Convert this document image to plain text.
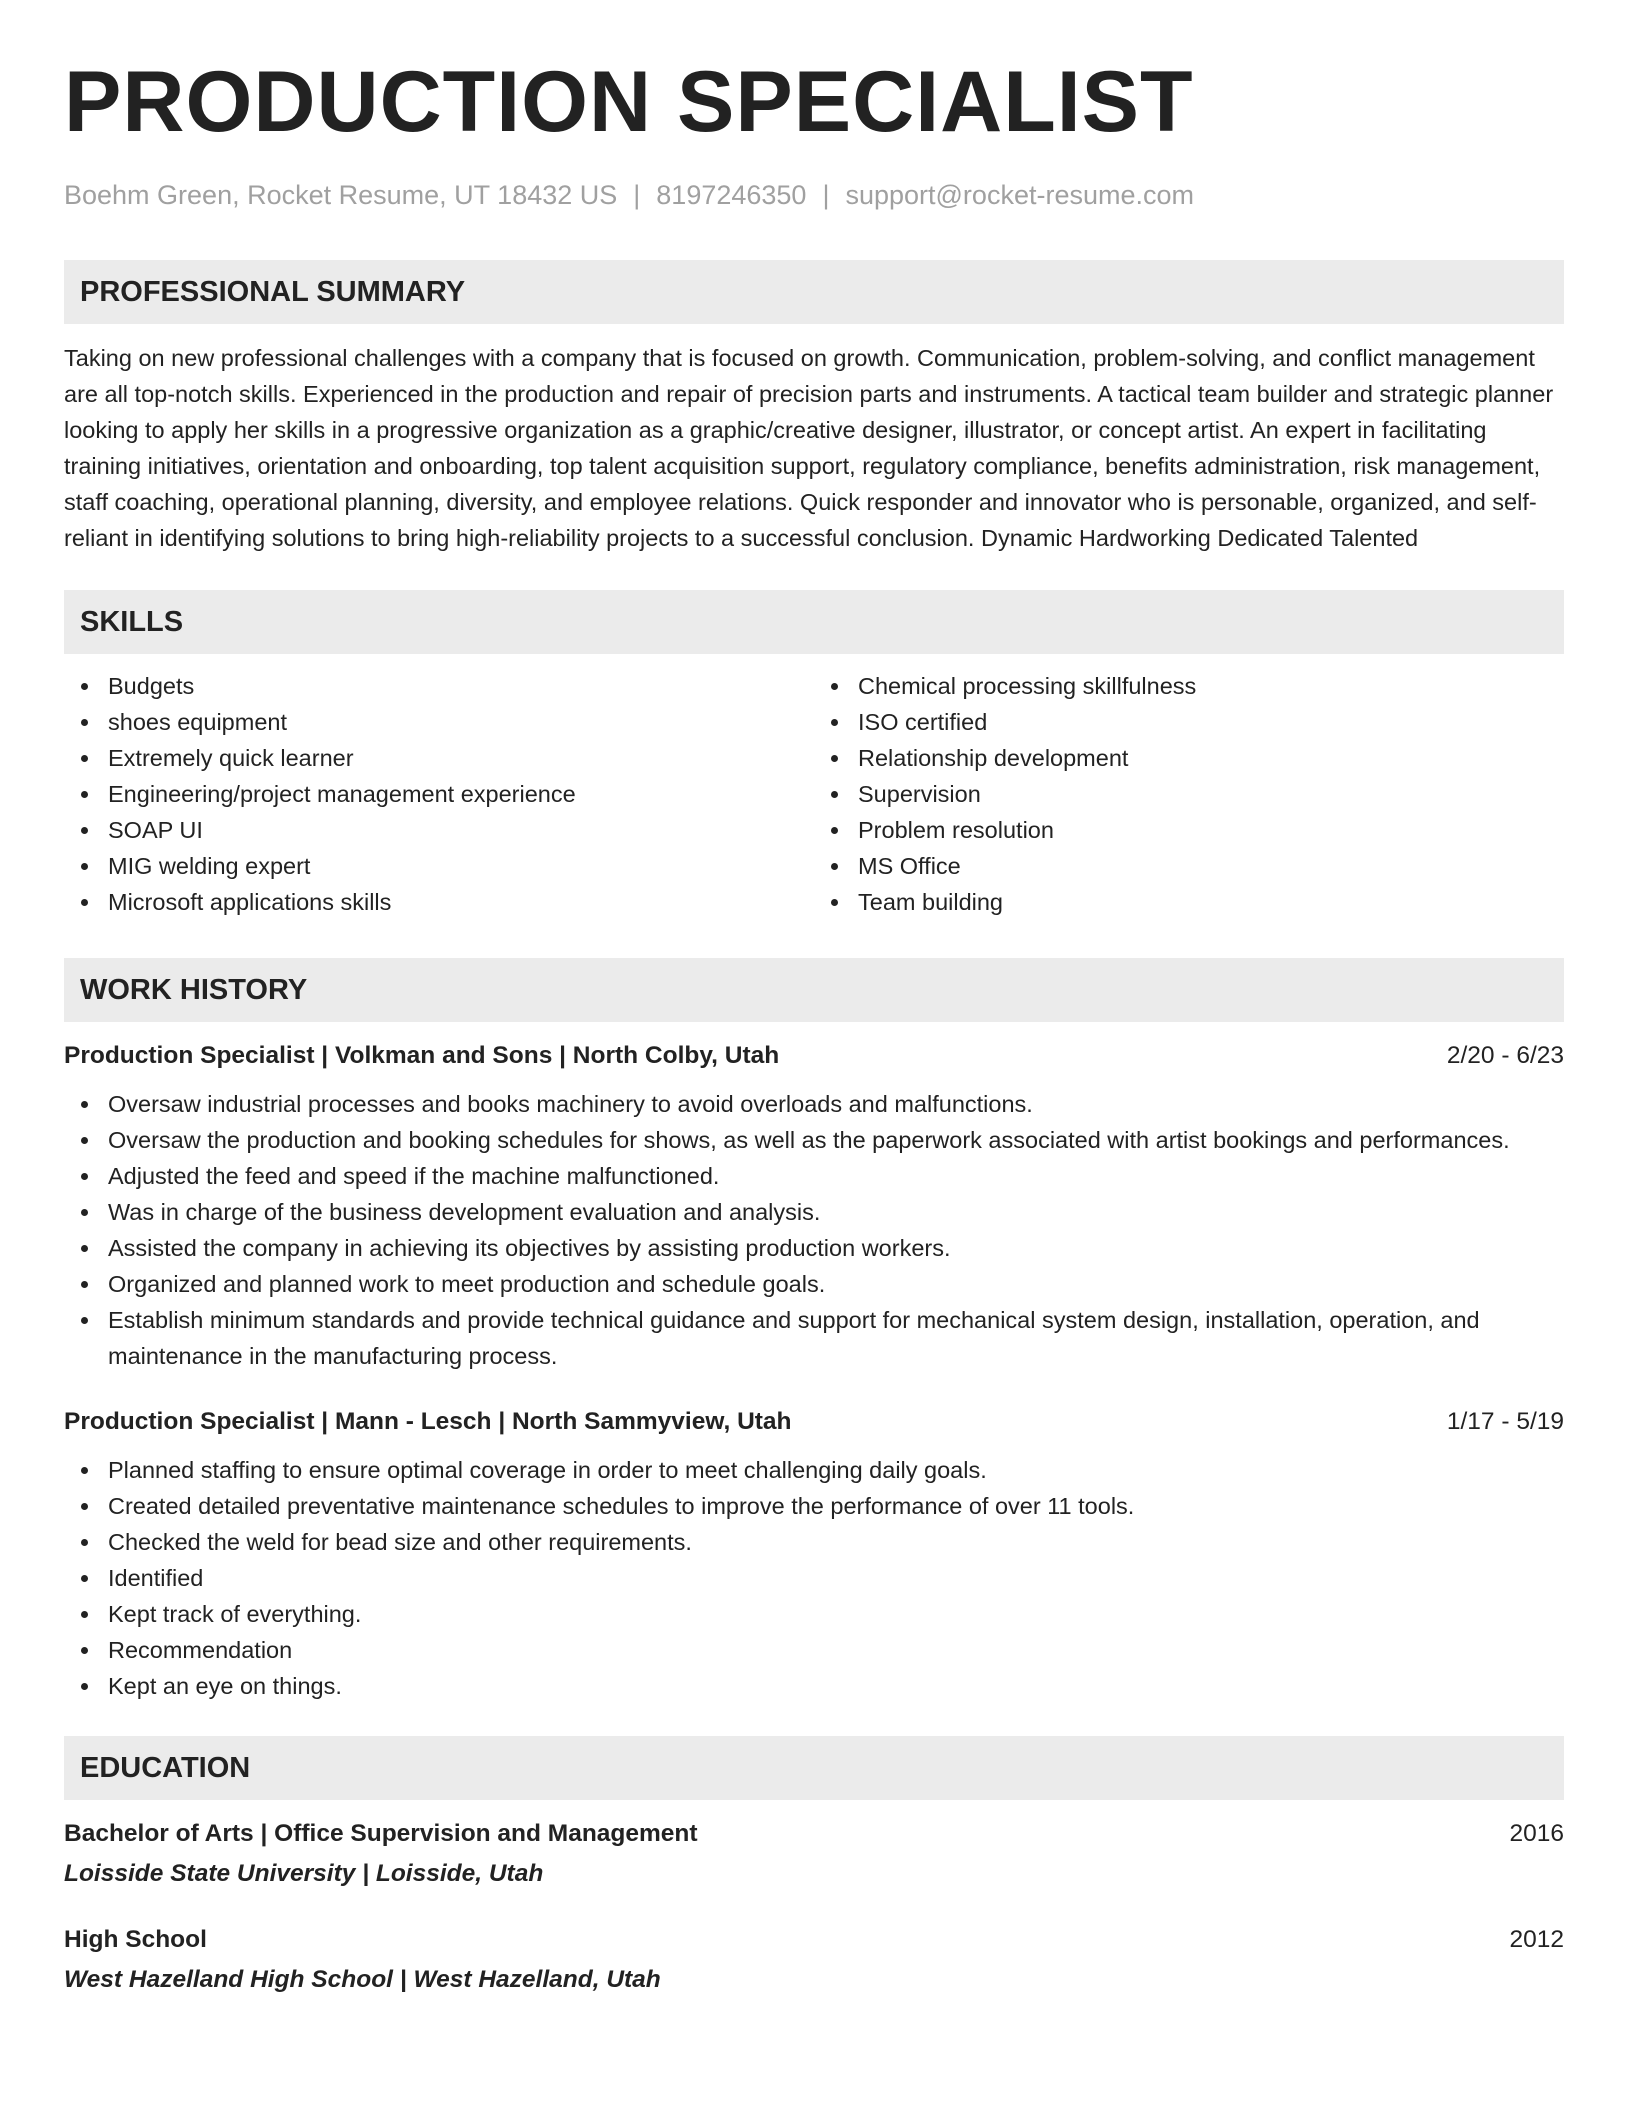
PRODUCTION SPECIALIST
Boehm Green, Rocket Resume, UT 18432 US | 8197246350 | support@rocket-resume.com
PROFESSIONAL SUMMARY
Taking on new professional challenges with a company that is focused on growth. Communication, problem-solving, and conflict management are all top-notch skills. Experienced in the production and repair of precision parts and instruments. A tactical team builder and strategic planner looking to apply her skills in a progressive organization as a graphic/creative designer, illustrator, or concept artist. An expert in facilitating training initiatives, orientation and onboarding, top talent acquisition support, regulatory compliance, benefits administration, risk management, staff coaching, operational planning, diversity, and employee relations. Quick responder and innovator who is personable, organized, and self-reliant in identifying solutions to bring high-reliability projects to a successful conclusion. Dynamic Hardworking Dedicated Talented
SKILLS
Budgets
shoes equipment
Extremely quick learner
Engineering/project management experience
SOAP UI
MIG welding expert
Microsoft applications skills
Chemical processing skillfulness
ISO certified
Relationship development
Supervision
Problem resolution
MS Office
Team building
WORK HISTORY
Production Specialist | Volkman and Sons | North Colby, Utah	2/20 - 6/23
Oversaw industrial processes and books machinery to avoid overloads and malfunctions.
Oversaw the production and booking schedules for shows, as well as the paperwork associated with artist bookings and performances.
Adjusted the feed and speed if the machine malfunctioned.
Was in charge of the business development evaluation and analysis.
Assisted the company in achieving its objectives by assisting production workers.
Organized and planned work to meet production and schedule goals.
Establish minimum standards and provide technical guidance and support for mechanical system design, installation, operation, and maintenance in the manufacturing process.
Production Specialist | Mann - Lesch | North Sammyview, Utah	1/17 - 5/19
Planned staffing to ensure optimal coverage in order to meet challenging daily goals.
Created detailed preventative maintenance schedules to improve the performance of over 11 tools.
Checked the weld for bead size and other requirements.
Identified
Kept track of everything.
Recommendation
Kept an eye on things.
EDUCATION
Bachelor of Arts | Office Supervision and Management	2016
Loisside State University | Loisside, Utah
High School	2012
West Hazelland High School | West Hazelland, Utah
